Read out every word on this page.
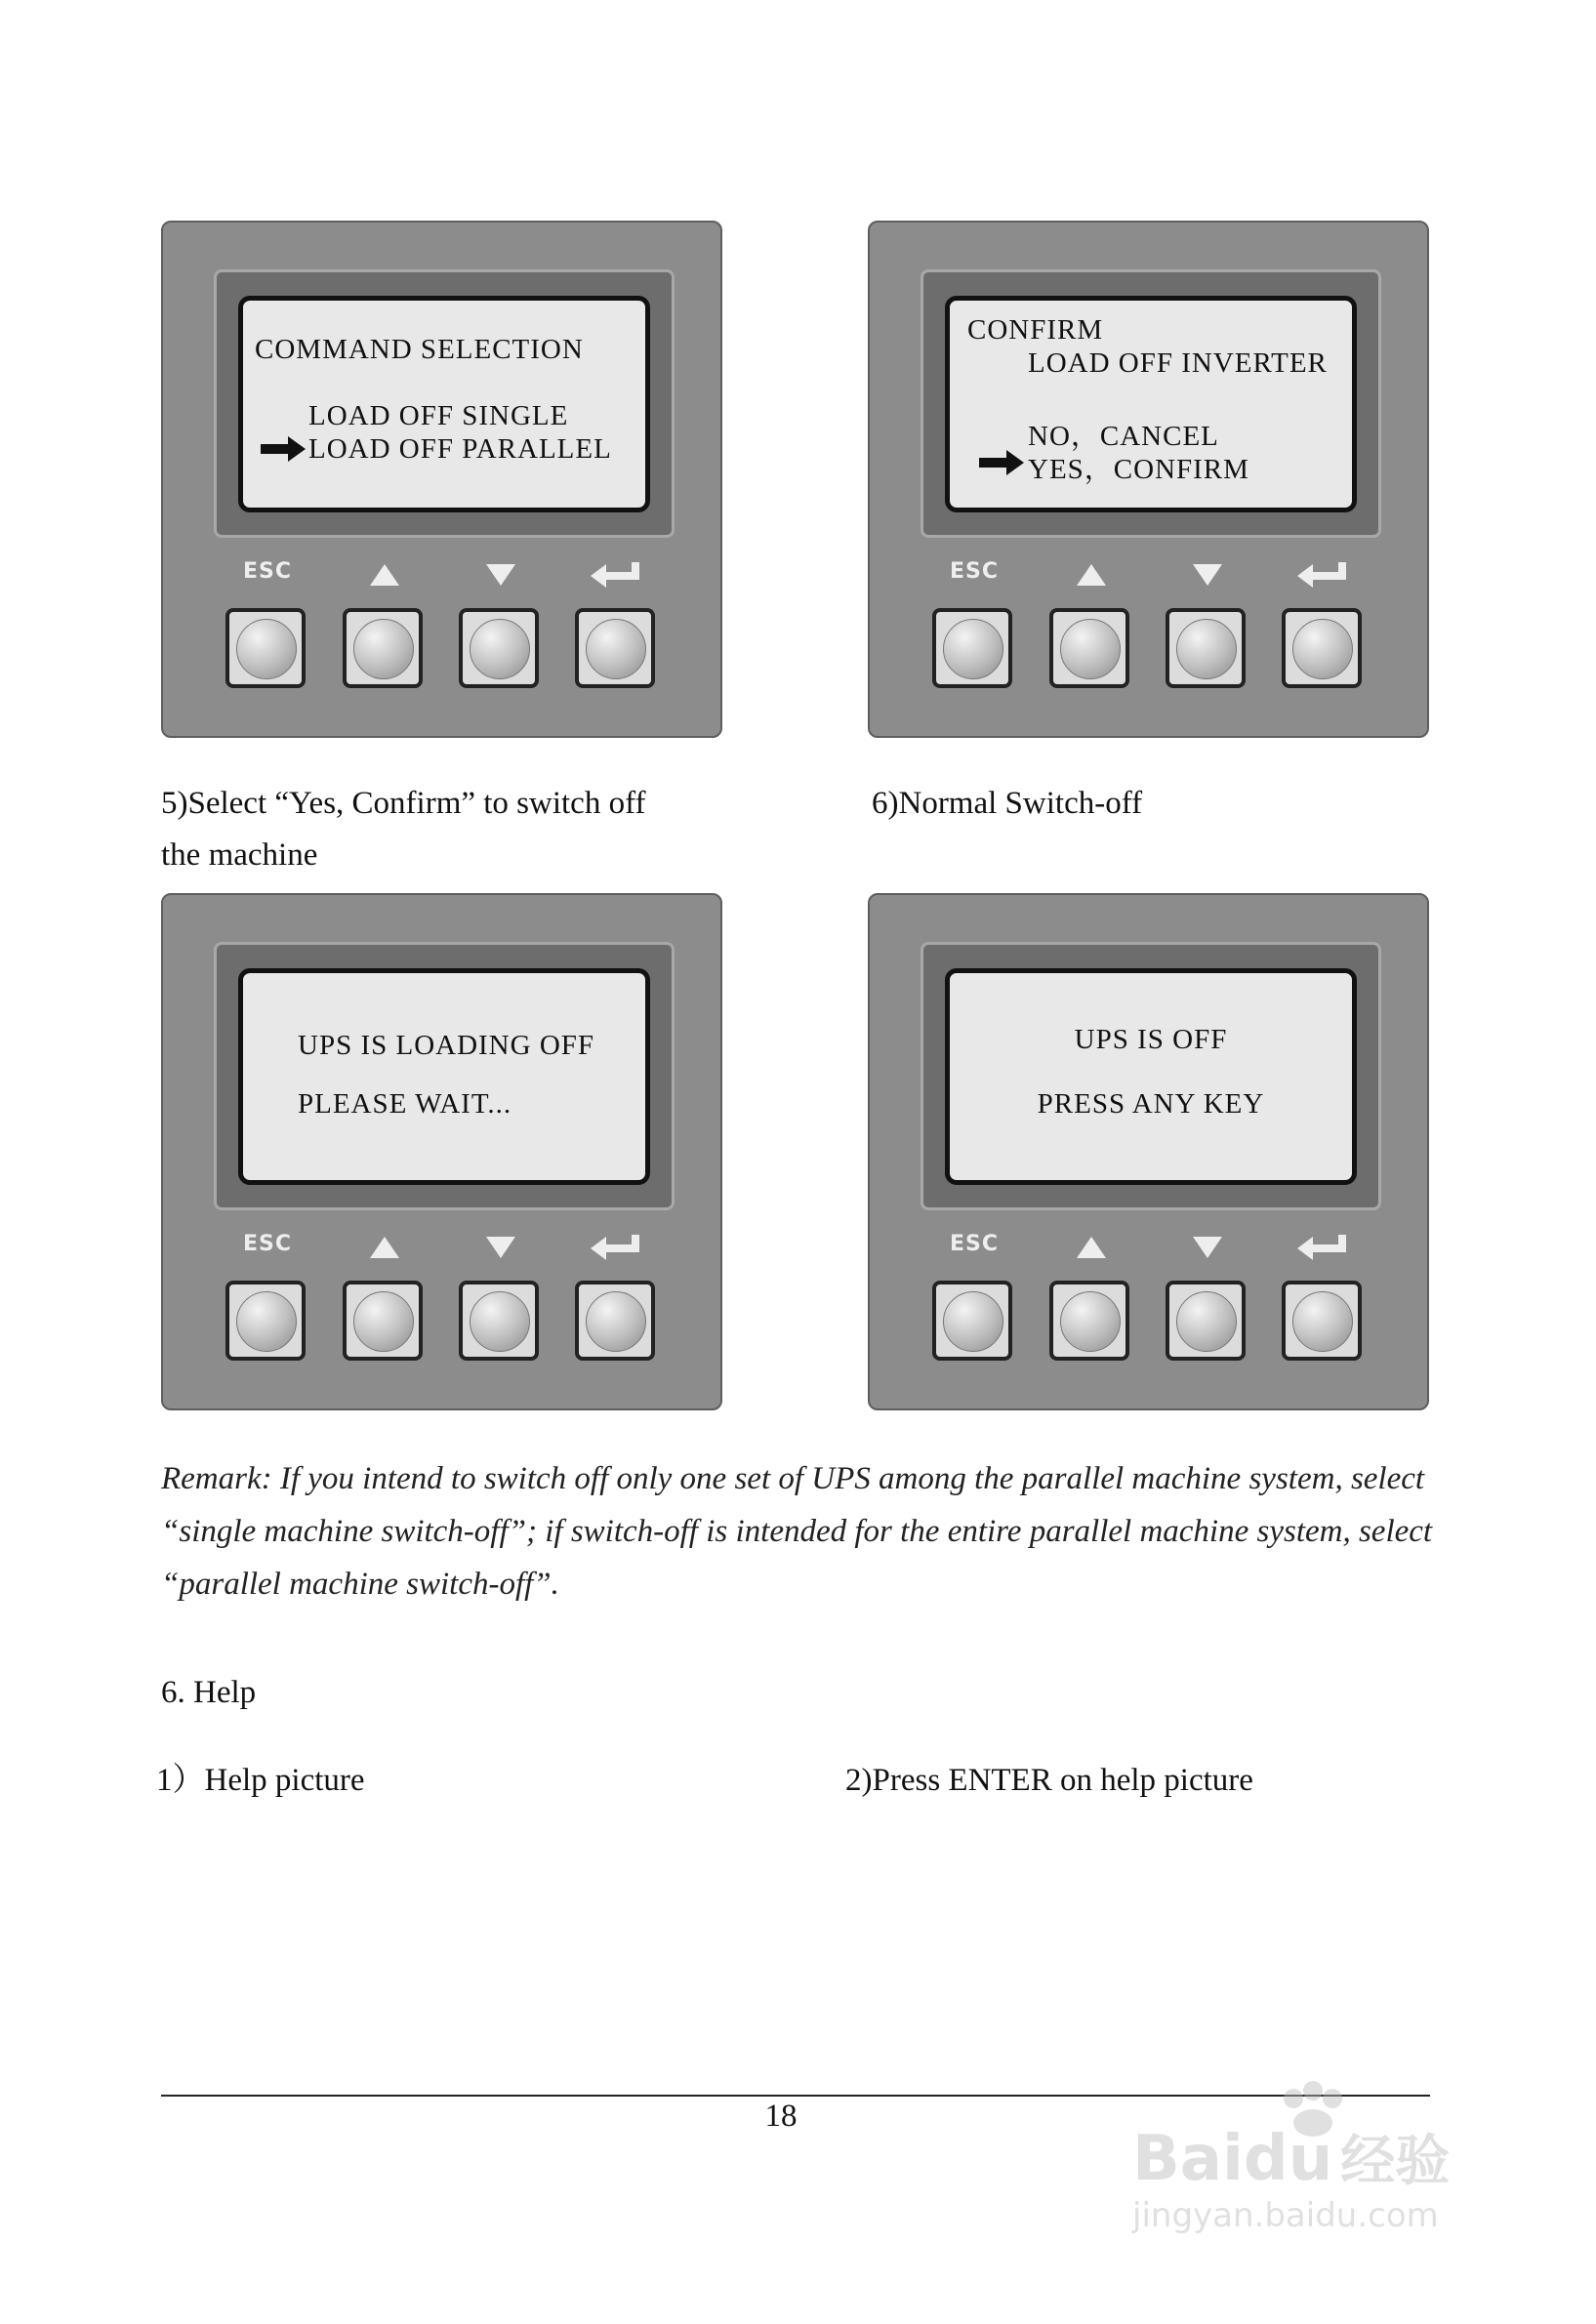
COMMAND SELECTION
LOAD OFF SINGLE
LOAD OFF PARALLEL
ESC
CONFIRM
LOAD OFF INVERTER
NO，CANCEL
YES，CONFIRM
ESC
5)Select “Yes, Confirm” to switch off
the machine
6)Normal Switch-off
UPS IS LOADING OFF
PLEASE WAIT...
ESC
UPS IS OFF
PRESS ANY KEY
ESC
Remark: If you intend to switch off only one set of UPS among the parallel machine system, select “single machine switch-off”; if switch-off is intended for the entire parallel machine system, select “parallel machine switch-off”.
6. Help
1）Help picture	2)Press ENTER on help picture
18
Baidu 经验
jingyan.baidu.com
